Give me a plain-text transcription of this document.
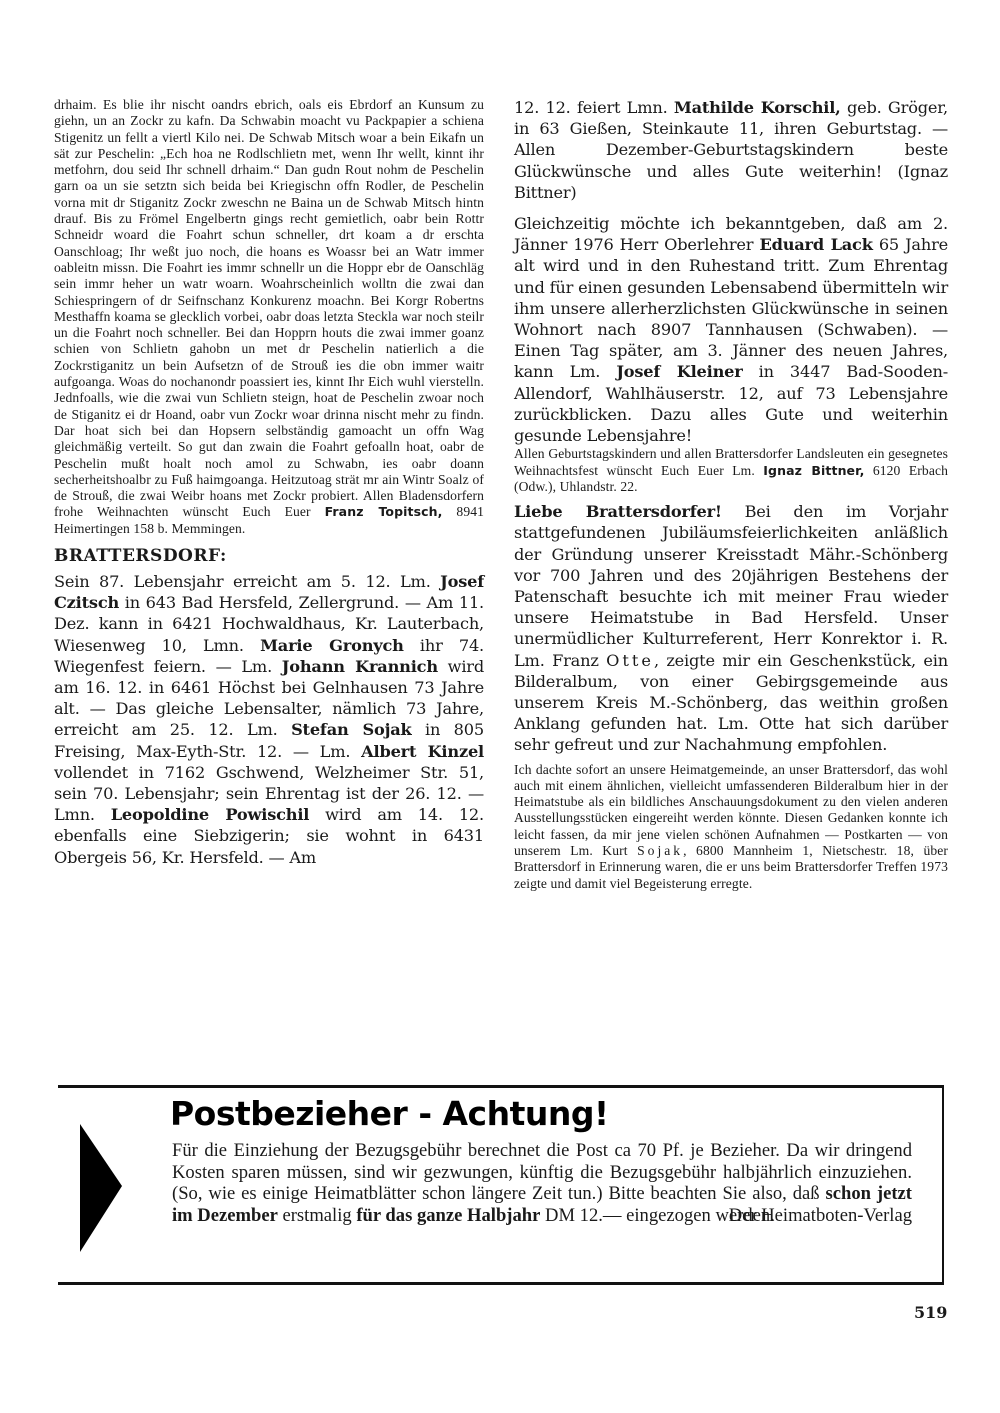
drhaim. Es blie ihr nischt oandrs ebrich, oals eis Ebrdorf an Kunsum zu giehn, un an Zockr zu kafn. Da Schwabin moacht vu Packpapier a schiena Stigenitz un fellt a viertl Kilo nei. De Schwab Mitsch woar a bein Eikafn un sät zur Peschelin: „Ech hoa ne Rodlschlietn met, wenn Ihr wellt, kinnt ihr metfohrn, dou seid Ihr schnell drhaim.“ Dan gudn Rout nohm de Peschelin garn oa un sie setztn sich beida bei Kriegischn offn Rodler, de Peschelin vorna mit dr Stiganitz Zockr zweschn ne Baina un de Schwab Mitsch hintn drauf. Bis zu Frömel Engelbertn gings recht gemietlich, oabr bein Rottr Schneidr woard die Foahrt schun schneller, drt koam a dr erschta Oanschloag; Ihr weßt juo noch, die hoans es Woassr bei an Watr immer oableitn missn. Die Foahrt ies immr schnellr un die Hoppr ebr de Oanschläg sein immr heher un watr woarn. Woahrscheinlich wolltn die zwai dan Schiespringern of dr Seifnschanz Konkurenz moachn. Bei Korgr Robertns Mesthaffn koama se glecklich vorbei, oabr doas letzta Steckla war noch steilr un die Foahrt noch schneller. Bei dan Hopprn houts die zwai immer goanz schien von Schlietn gahobn un met dr Peschelin natierlich a die Zockrstiganitz un bein Aufsetzn of de Strouß ies die obn immer waitr aufgoanga. Woas do nochanondr poassiert ies, kinnt Ihr Eich wuhl vierstelln. Jednfoalls, wie die zwai vun Schlietn steign, hoat de Peschelin zwoar noch de Stiganitz ei dr Hoand, oabr vun Zockr woar drinna nischt mehr zu findn. Dar hoat sich bei dan Hopsern selbständig gamoacht un offn Wag gleichmäßig verteilt. So gut dan zwain die Foahrt gefoalln hoat, oabr de Peschelin mußt hoalt noch amol zu Schwabn, ies oabr doann secherheitshoalbr zu Fuß haimgoanga. Heitzutoag strät mr ain Wintr Soalz of de Strouß, die zwai Weibr hoans met Zockr probiert. Allen Bladensdorfern frohe Weihnachten wünscht Euch Euer Franz Topitsch, 8941 Heimertingen 158 b. Memmingen.

BRATTERSDORF:

Sein 87. Lebensjahr erreicht am 5. 12. Lm. Josef Czitsch in 643 Bad Hersfeld, Zellergrund. — Am 11. Dez. kann in 6421 Hochwaldhaus, Kr. Lauterbach, Wiesenweg 10, Lmn. Marie Gronych ihr 74. Wiegenfest feiern. — Lm. Johann Krannich wird am 16. 12. in 6461 Höchst bei Gelnhausen 73 Jahre alt. — Das gleiche Lebensalter, nämlich 73 Jahre, erreicht am 25. 12. Lm. Stefan Sojak in 805 Freising, Max-Eyth-Str. 12. — Lm. Albert Kinzel vollendet in 7162 Gschwend, Welzheimer Str. 51, sein 70. Lebensjahr; sein Ehrentag ist der 26. 12. — Lmn. Leopoldine Powischil wird am 14. 12. ebenfalls eine Siebzigerin; sie wohnt in 6431 Obergeis 56, Kr. Hersfeld. — Am

12. 12. feiert Lmn. Mathilde Korschil, geb. Gröger, in 63 Gießen, Steinkaute 11, ihren Geburtstag. — Allen Dezember-Geburtstagskindern beste Glückwünsche und alles Gute weiterhin! (Ignaz Bittner)

Gleichzeitig möchte ich bekanntgeben, daß am 2. Jänner 1976 Herr Oberlehrer Eduard Lack 65 Jahre alt wird und in den Ruhestand tritt. Zum Ehrentag und für einen gesunden Lebensabend übermitteln wir ihm unsere allerherzlichsten Glückwünsche in seinen Wohnort nach 8907 Tannhausen (Schwaben). — Einen Tag später, am 3. Jänner des neuen Jahres, kann Lm. Josef Kleiner in 3447 Bad-Sooden-Allendorf, Wahlhäuserstr. 12, auf 73 Lebensjahre zurückblicken. Dazu alles Gute und weiterhin gesunde Lebensjahre!

Allen Geburtstagskindern und allen Brattersdorfer Landsleuten ein gesegnetes Weihnachtsfest wünscht Euch Euer Lm. Ignaz Bittner, 6120 Erbach (Odw.), Uhlandstr. 22.

Liebe Brattersdorfer! Bei den im Vorjahr stattgefundenen Jubiläumsfeierlichkeiten anläßlich der Gründung unserer Kreisstadt Mähr.-Schönberg vor 700 Jahren und des 20jährigen Bestehens der Patenschaft besuchte ich mit meiner Frau wieder unsere Heimatstube in Bad Hersfeld. Unser unermüdlicher Kulturreferent, Herr Konrektor i. R. Lm. Franz Otte, zeigte mir ein Geschenkstück, ein Bilderalbum, von einer Gebirgsgemeinde aus unserem Kreis M.-Schönberg, das weithin großen Anklang gefunden hat. Lm. Otte hat sich darüber sehr gefreut und zur Nachahmung empfohlen.

Ich dachte sofort an unsere Heimatgemeinde, an unser Brattersdorf, das wohl auch mit einem ähnlichen, vielleicht umfassenderen Bilderalbum hier in der Heimatstube als ein bildliches Anschauungsdokument zu den vielen anderen Ausstellungsstücken eingereiht werden könnte. Diesen Gedanken konnte ich leicht fassen, da mir jene vielen schönen Aufnahmen — Postkarten — von unserem Lm. Kurt Sojak, 6800 Mannheim 1, Nietschestr. 18, über Brattersdorf in Erinnerung waren, die er uns beim Brattersdorfer Treffen 1973 zeigte und damit viel Begeisterung erregte.

Postbezieher - Achtung!

Für die Einziehung der Bezugsgebühr berechnet die Post ca 70 Pf. je Bezieher. Da wir dringend Kosten sparen müssen, sind wir gezwungen, künftig die Bezugsgebühr halbjährlich einzuziehen. (So, wie es einige Heimatblätter schon längere Zeit tun.) Bitte beachten Sie also, daß schon jetzt im Dezember erstmalig für das ganze Halbjahr DM 12.— eingezogen werden.
Der Heimatboten-Verlag

519
